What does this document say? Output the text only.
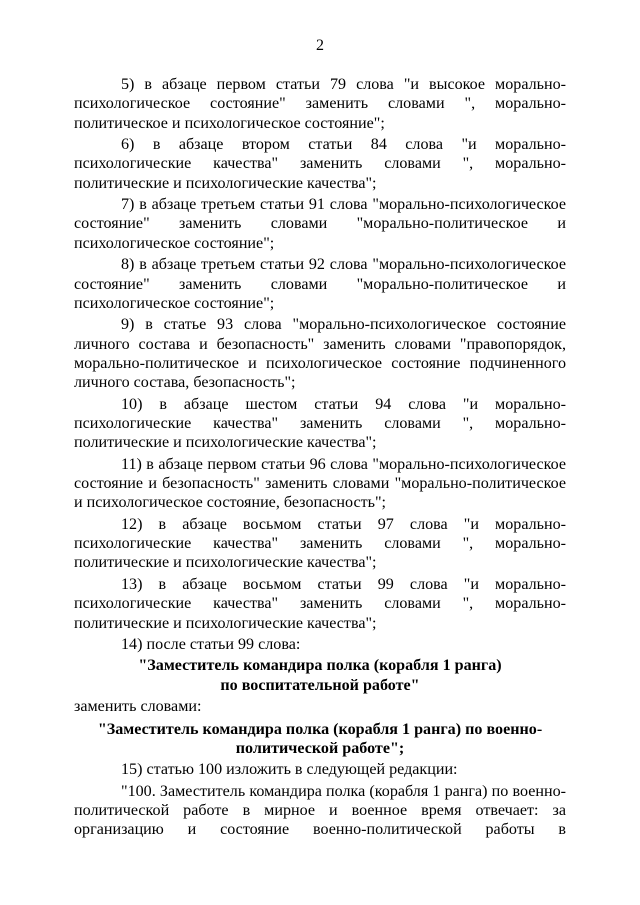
2
5) в абзаце первом статьи 79 слова "и высокое морально-
психологическое состояние" заменить словами ", морально-
политическое и психологическое состояние";
6) в абзаце втором статьи 84 слова "и морально-
психологические качества" заменить словами ", морально-
политические и психологические качества";
7) в абзаце третьем статьи 91 слова "морально-психологическое
состояние" заменить словами "морально-политическое и
психологическое состояние";
8) в абзаце третьем статьи 92 слова "морально-психологическое
состояние" заменить словами "морально-политическое и
психологическое состояние";
9) в статье 93 слова "морально-психологическое состояние
личного состава и безопасность" заменить словами "правопорядок,
морально-политическое и психологическое состояние подчиненного
личного состава, безопасность";
10) в абзаце шестом статьи 94 слова "и морально-
психологические качества" заменить словами ", морально-
политические и психологические качества";
11) в абзаце первом статьи 96 слова "морально-психологическое
состояние и безопасность" заменить словами "морально-политическое
и психологическое состояние, безопасность";
12) в абзаце восьмом статьи 97 слова "и морально-
психологические качества" заменить словами ", морально-
политические и психологические качества";
13) в абзаце восьмом статьи 99 слова "и морально-
психологические качества" заменить словами ", морально-
политические и психологические качества";
14) после статьи 99 слова:
"Заместитель командира полка (корабля 1 ранга)
по воспитательной работе"
заменить словами:
"Заместитель командира полка (корабля 1 ранга) по военно-
политической работе";
15) статью 100 изложить в следующей редакции:
"100. Заместитель командира полка (корабля 1 ранга) по военно-
политической работе в мирное и военное время отвечает: за
организацию и состояние военно-политической работы в
